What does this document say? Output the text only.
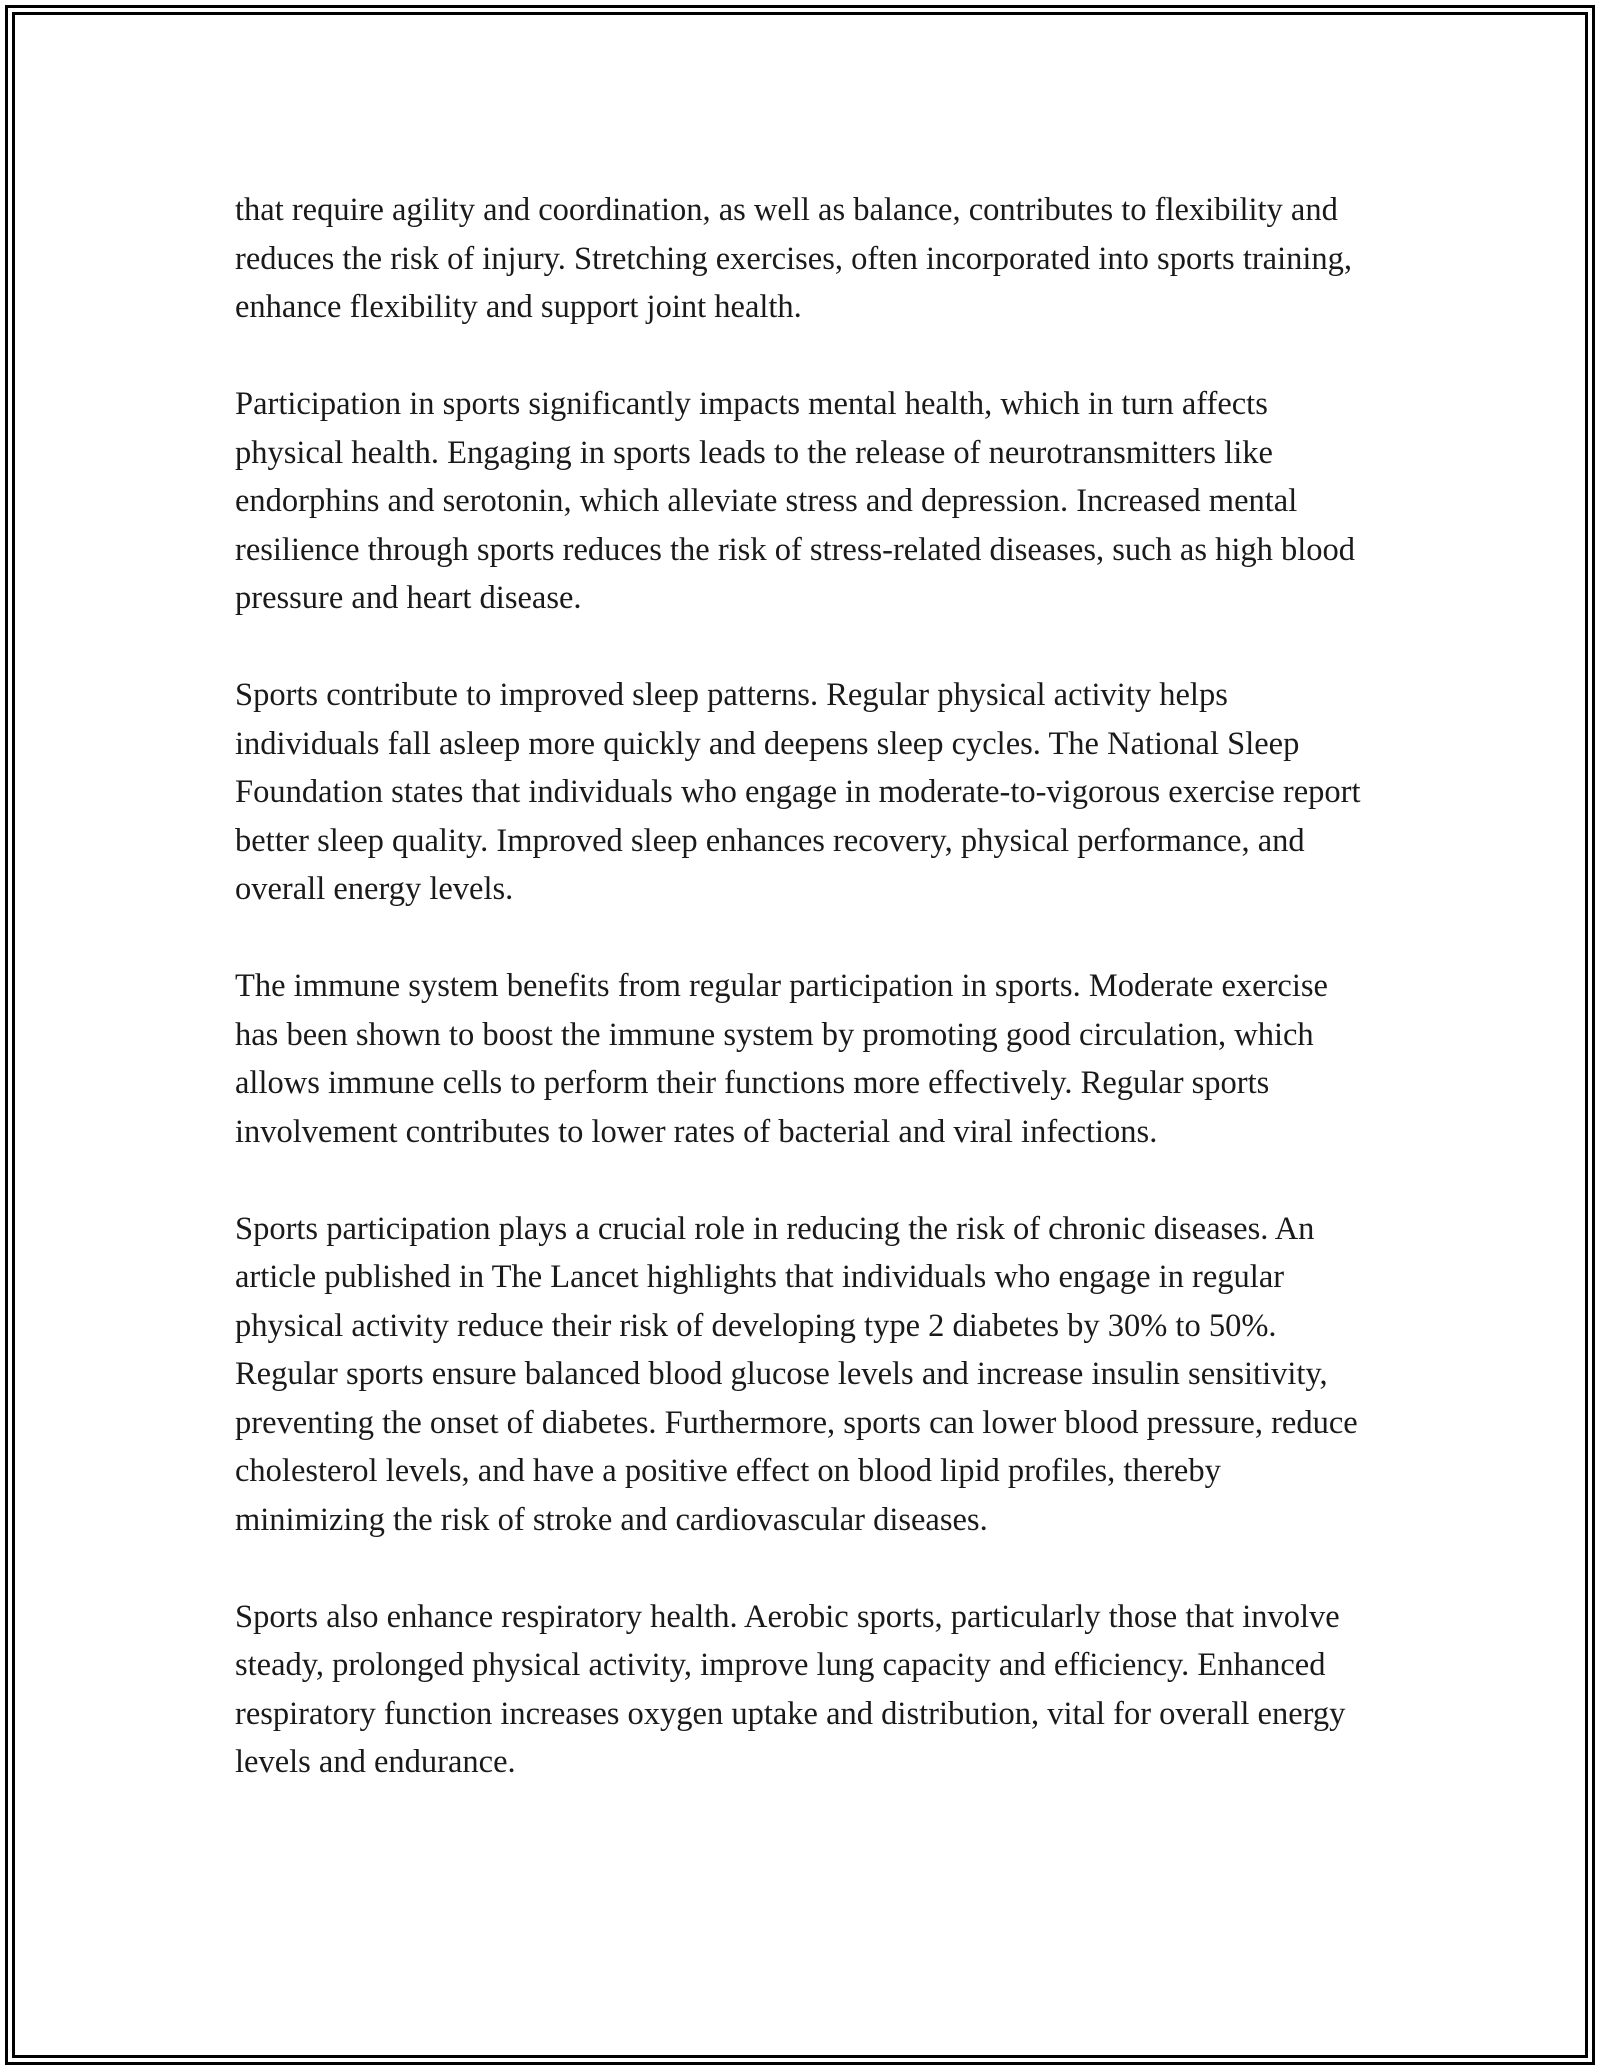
that require agility and coordination, as well as balance, contributes to flexibility and reduces the risk of injury. Stretching exercises, often incorporated into sports training, enhance flexibility and support joint health.

Participation in sports significantly impacts mental health, which in turn affects physical health. Engaging in sports leads to the release of neurotransmitters like endorphins and serotonin, which alleviate stress and depression. Increased mental resilience through sports reduces the risk of stress-related diseases, such as high blood pressure and heart disease.

Sports contribute to improved sleep patterns. Regular physical activity helps individuals fall asleep more quickly and deepens sleep cycles. The National Sleep Foundation states that individuals who engage in moderate-to-vigorous exercise report better sleep quality. Improved sleep enhances recovery, physical performance, and overall energy levels.

The immune system benefits from regular participation in sports. Moderate exercise has been shown to boost the immune system by promoting good circulation, which allows immune cells to perform their functions more effectively. Regular sports involvement contributes to lower rates of bacterial and viral infections.

Sports participation plays a crucial role in reducing the risk of chronic diseases. An article published in The Lancet highlights that individuals who engage in regular physical activity reduce their risk of developing type 2 diabetes by 30% to 50%. Regular sports ensure balanced blood glucose levels and increase insulin sensitivity, preventing the onset of diabetes. Furthermore, sports can lower blood pressure, reduce cholesterol levels, and have a positive effect on blood lipid profiles, thereby minimizing the risk of stroke and cardiovascular diseases.

Sports also enhance respiratory health. Aerobic sports, particularly those that involve steady, prolonged physical activity, improve lung capacity and efficiency. Enhanced respiratory function increases oxygen uptake and distribution, vital for overall energy levels and endurance.
